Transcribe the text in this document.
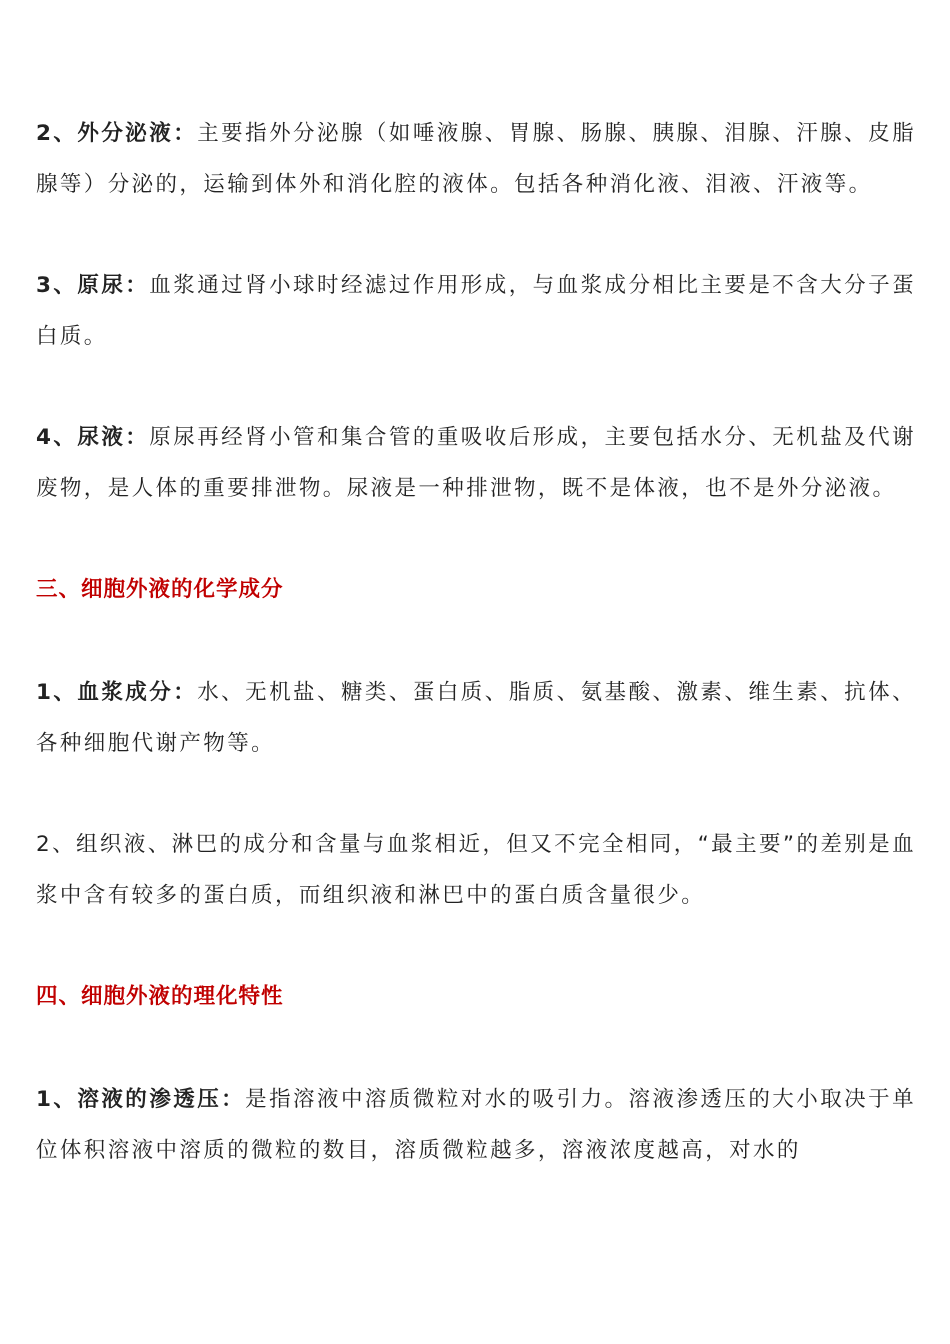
2、外分泌液：主要指外分泌腺（如唾液腺、胃腺、肠腺、胰腺、泪腺、汗腺、皮脂腺等）分泌的，运输到体外和消化腔的液体。包括各种消化液、泪液、汗液等。

3、原尿：血浆通过肾小球时经滤过作用形成，与血浆成分相比主要是不含大分子蛋白质。

4、尿液：原尿再经肾小管和集合管的重吸收后形成，主要包括水分、无机盐及代谢废物，是人体的重要排泄物。尿液是一种排泄物，既不是体液，也不是外分泌液。

三、细胞外液的化学成分

1、血浆成分：水、无机盐、糖类、蛋白质、脂质、氨基酸、激素、维生素、抗体、各种细胞代谢产物等。

2、组织液、淋巴的成分和含量与血浆相近，但又不完全相同，“最主要”的差别是血浆中含有较多的蛋白质，而组织液和淋巴中的蛋白质含量很少。

四、细胞外液的理化特性

1、溶液的渗透压：是指溶液中溶质微粒对水的吸引力。溶液渗透压的大小取决于单位体积溶液中溶质的微粒的数目，溶质微粒越多，溶液浓度越高，对水的
